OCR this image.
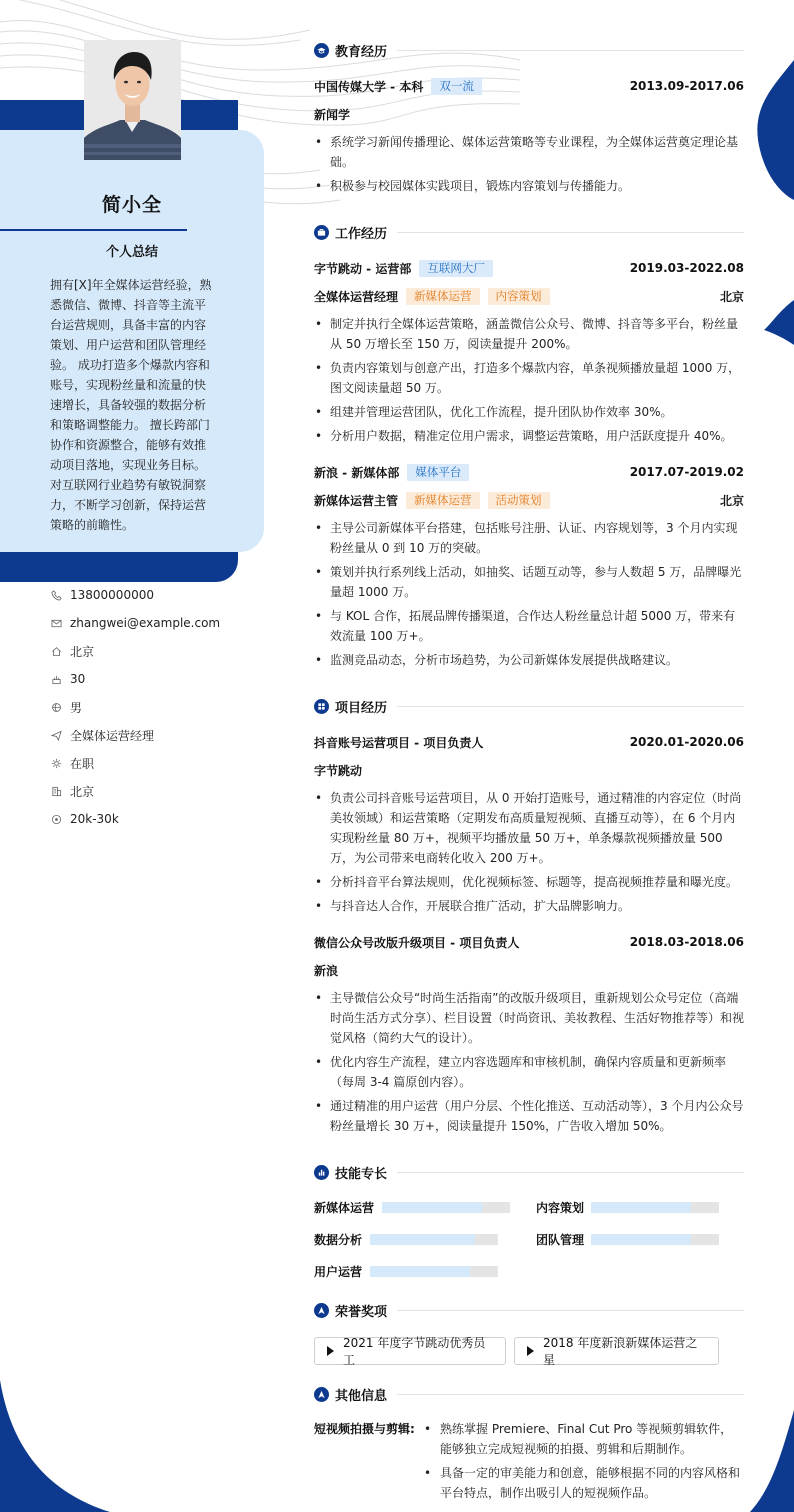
简小全
个人总结
拥有[X]年全媒体运营经验，熟悉微信、微博、抖音等主流平台运营规则，具备丰富的内容策划、用户运营和团队管理经验。 成功打造多个爆款内容和账号，实现粉丝量和流量的快速增长，具备较强的数据分析和策略调整能力。 擅长跨部门协作和资源整合，能够有效推动项目落地，实现业务目标。 对互联网行业趋势有敏锐洞察力，不断学习创新，保持运营策略的前瞻性。
13800000000
zhangwei@example.com
北京
30
男
全媒体运营经理
在职
北京
20k-30k
教育经历
中国传媒大学 - 本科	双一流	2013.09-2017.06
新闻学
• 系统学习新闻传播理论、媒体运营策略等专业课程，为全媒体运营奠定理论基础。
• 积极参与校园媒体实践项目，锻炼内容策划与传播能力。
工作经历
字节跳动 - 运营部	互联网大厂	2019.03-2022.08
全媒体运营经理	新媒体运营	内容策划	北京
• 制定并执行全媒体运营策略，涵盖微信公众号、微博、抖音等多平台，粉丝量从 50 万增长至 150 万，阅读量提升 200%。
• 负责内容策划与创意产出，打造多个爆款内容，单条视频播放量超 1000 万，图文阅读量超 50 万。
• 组建并管理运营团队，优化工作流程，提升团队协作效率 30%。
• 分析用户数据，精准定位用户需求，调整运营策略，用户活跃度提升 40%。
新浪 - 新媒体部	媒体平台	2017.07-2019.02
新媒体运营主管	新媒体运营	活动策划	北京
• 主导公司新媒体平台搭建，包括账号注册、认证、内容规划等，3 个月内实现粉丝量从 0 到 10 万的突破。
• 策划并执行系列线上活动，如抽奖、话题互动等，参与人数超 5 万，品牌曝光量超 1000 万。
• 与 KOL 合作，拓展品牌传播渠道，合作达人粉丝量总计超 5000 万，带来有效流量 100 万+。
• 监测竞品动态，分析市场趋势，为公司新媒体发展提供战略建议。
项目经历
抖音账号运营项目 - 项目负责人	2020.01-2020.06
字节跳动
• 负责公司抖音账号运营项目，从 0 开始打造账号，通过精准的内容定位（时尚美妆领域）和运营策略（定期发布高质量短视频、直播互动等），在 6 个月内实现粉丝量 80 万+，视频平均播放量 50 万+，单条爆款视频播放量 500 万，为公司带来电商转化收入 200 万+。
• 分析抖音平台算法规则，优化视频标签、标题等，提高视频推荐量和曝光度。
• 与抖音达人合作，开展联合推广活动，扩大品牌影响力。
微信公众号改版升级项目 - 项目负责人	2018.03-2018.06
新浪
• 主导微信公众号“时尚生活指南”的改版升级项目，重新规划公众号定位（高端时尚生活方式分享）、栏目设置（时尚资讯、美妆教程、生活好物推荐等）和视觉风格（简约大气的设计）。
• 优化内容生产流程，建立内容选题库和审核机制，确保内容质量和更新频率（每周 3-4 篇原创内容）。
• 通过精准的用户运营（用户分层、个性化推送、互动活动等），3 个月内公众号粉丝量增长 30 万+，阅读量提升 150%，广告收入增加 50%。
技能专长
新媒体运营	内容策划
数据分析	团队管理
用户运营
荣誉奖项
2021 年度字节跳动优秀员工
2018 年度新浪新媒体运营之星
其他信息
短视频拍摄与剪辑:
•	熟练掌握 Premiere、Final Cut Pro 等视频剪辑软件，能够独立完成短视频的拍摄、剪辑和后期制作。
• 具备一定的审美能力和创意，能够根据不同的内容风格和平台特点，制作出吸引人的短视频作品。
